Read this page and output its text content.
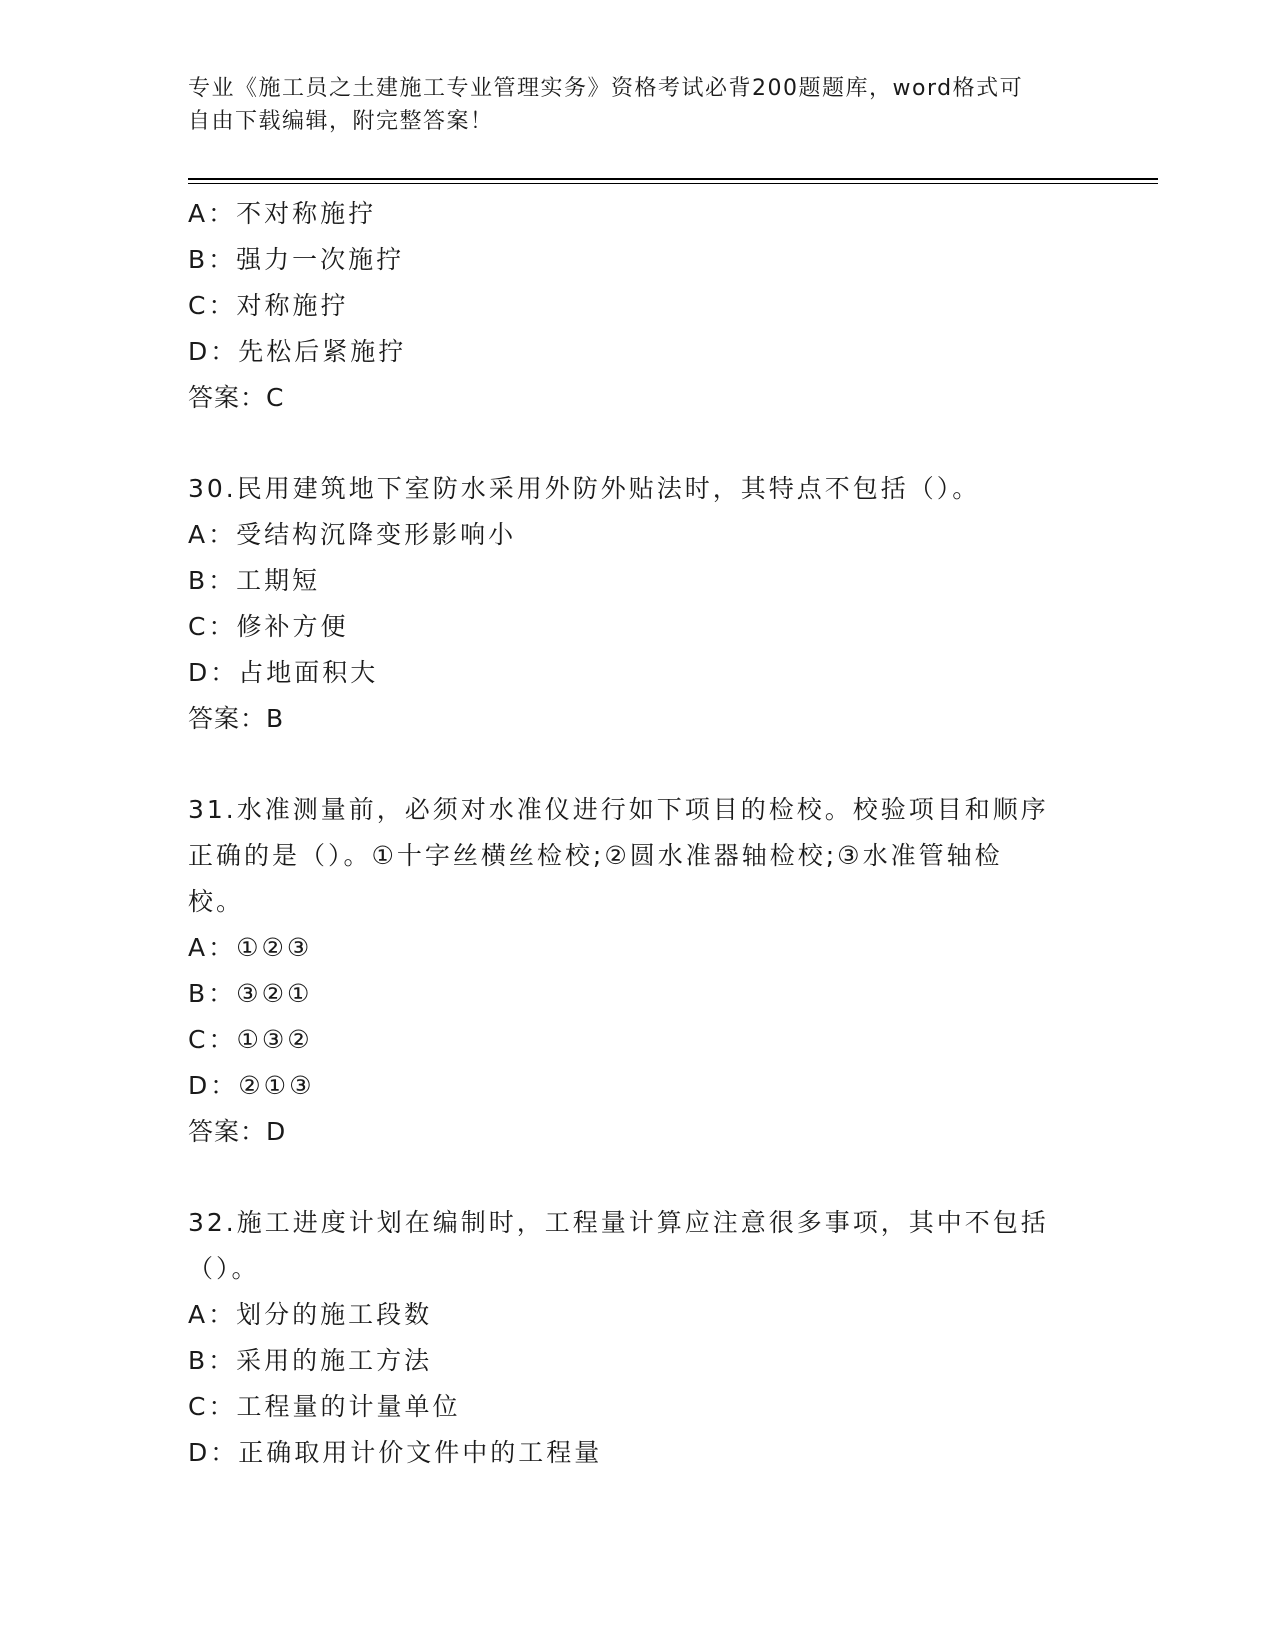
专业《施工员之土建施工专业管理实务》资格考试必背200题题库，word格式可
自由下载编辑，附完整答案！
A：不对称施拧
B：强力一次施拧
C：对称施拧
D：先松后紧施拧
答案：C
30.民用建筑地下室防水采用外防外贴法时，其特点不包括（）。
A：受结构沉降变形影响小
B：工期短
C：修补方便
D：占地面积大
答案：B
31.水准测量前，必须对水准仪进行如下项目的检校。校验项目和顺序
正确的是（）。①十字丝横丝检校;②圆水准器轴检校;③水准管轴检
校。
A：①②③
B：③②①
C：①③②
D：②①③
答案：D
32.施工进度计划在编制时，工程量计算应注意很多事项，其中不包括
（）。
A：划分的施工段数
B：采用的施工方法
C：工程量的计量单位
D：正确取用计价文件中的工程量
